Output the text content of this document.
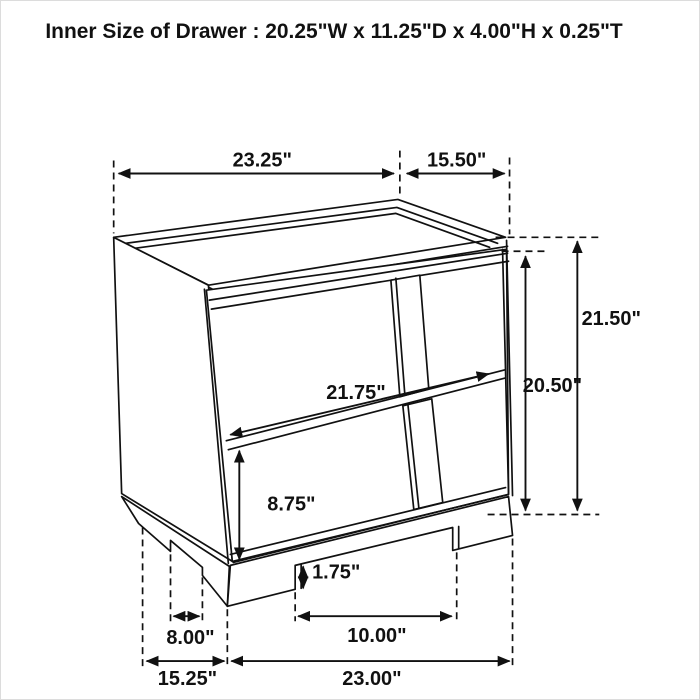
Inner Size of Drawer : 20.25"W x 11.25"D x 4.00"H x 0.25"T
23.25"	15.50"
21.50"
20.50"
21.75"
8.75"
1.75"
8.00"	10.00"
15.25"	23.00"
